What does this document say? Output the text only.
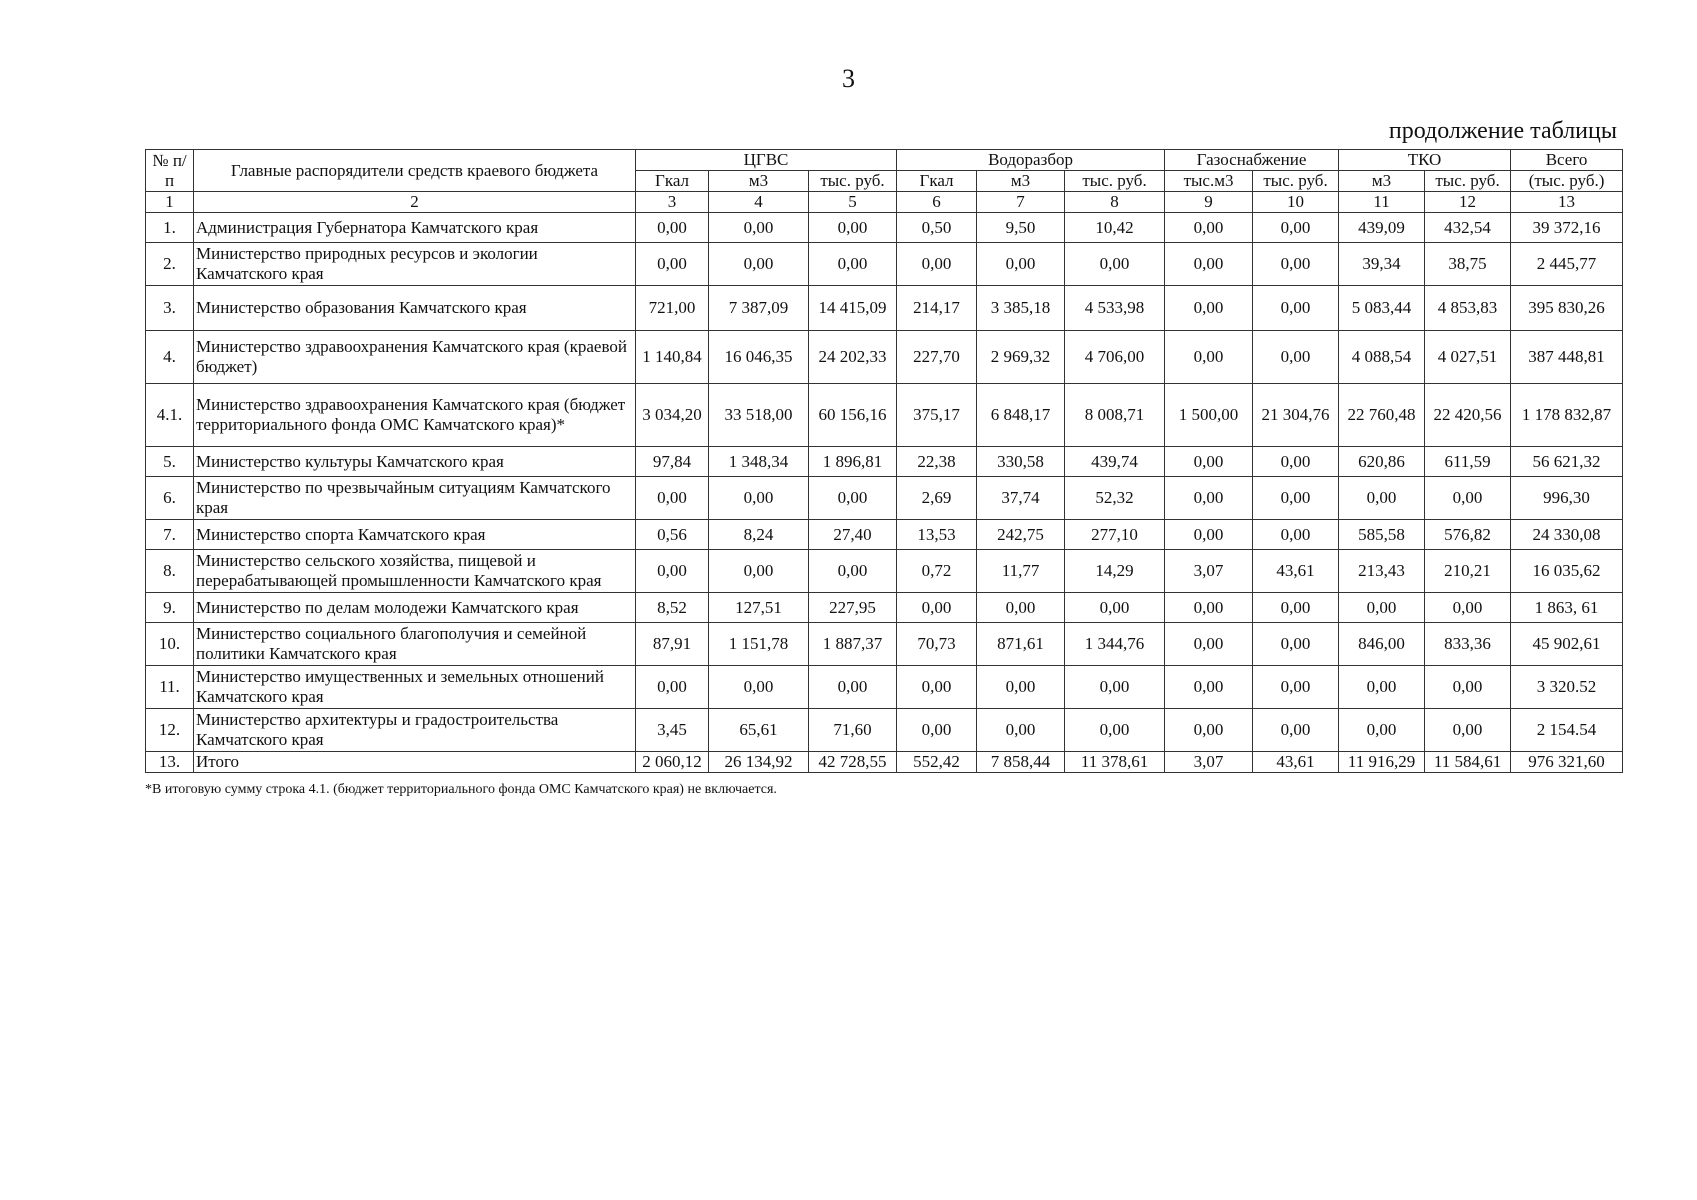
3
продолжение таблицы
№ п/п	Главные распорядители средств краевого бюджета	ЦГВС			Водоразбор			Газоснабжение		ТКО		Всего
		Гкал	м3	тыс. руб.	Гкал	м3	тыс. руб.	тыс.м3	тыс. руб.	м3	тыс. руб.	(тыс. руб.)
1	2	3	4	5	6	7	8	9	10	11	12	13
1.	Администрация Губернатора Камчатского края	0,00	0,00	0,00	0,50	9,50	10,42	0,00	0,00	439,09	432,54	39 372,16
2.	Министерство природных ресурсов и экологии Камчатского края	0,00	0,00	0,00	0,00	0,00	0,00	0,00	0,00	39,34	38,75	2 445,77
3.	Министерство образования Камчатского края	721,00	7 387,09	14 415,09	214,17	3 385,18	4 533,98	0,00	0,00	5 083,44	4 853,83	395 830,26
4.	Министерство здравоохранения Камчатского края (краевой бюджет)	1 140,84	16 046,35	24 202,33	227,70	2 969,32	4 706,00	0,00	0,00	4 088,54	4 027,51	387 448,81
4.1.	Министерство здравоохранения Камчатского края (бюджет территориального фонда ОМС Камчатского края)*	3 034,20	33 518,00	60 156,16	375,17	6 848,17	8 008,71	1 500,00	21 304,76	22 760,48	22 420,56	1 178 832,87
5.	Министерство культуры Камчатского края	97,84	1 348,34	1 896,81	22,38	330,58	439,74	0,00	0,00	620,86	611,59	56 621,32
6.	Министерство по чрезвычайным ситуациям Камчатского края	0,00	0,00	0,00	2,69	37,74	52,32	0,00	0,00	0,00	0,00	996,30
7.	Министерство спорта Камчатского края	0,56	8,24	27,40	13,53	242,75	277,10	0,00	0,00	585,58	576,82	24 330,08
8.	Министерство сельского хозяйства, пищевой и перерабатывающей промышленности Камчатского края	0,00	0,00	0,00	0,72	11,77	14,29	3,07	43,61	213,43	210,21	16 035,62
9.	Министерство по делам молодежи Камчатского края	8,52	127,51	227,95	0,00	0,00	0,00	0,00	0,00	0,00	0,00	1 863, 61
10.	Министерство социального благополучия и семейной политики Камчатского края	87,91	1 151,78	1 887,37	70,73	871,61	1 344,76	0,00	0,00	846,00	833,36	45 902,61
11.	Министерство имущественных и земельных отношений Камчатского края	0,00	0,00	0,00	0,00	0,00	0,00	0,00	0,00	0,00	0,00	3 320.52
12.	Министерство архитектуры и градостроительства Камчатского края	3,45	65,61	71,60	0,00	0,00	0,00	0,00	0,00	0,00	0,00	2 154.54
13.	Итого	2 060,12	26 134,92	42 728,55	552,42	7 858,44	11 378,61	3,07	43,61	11 916,29	11 584,61	976 321,60
*В итоговую сумму строка 4.1. (бюджет территориального фонда ОМС Камчатского края) не включается.
